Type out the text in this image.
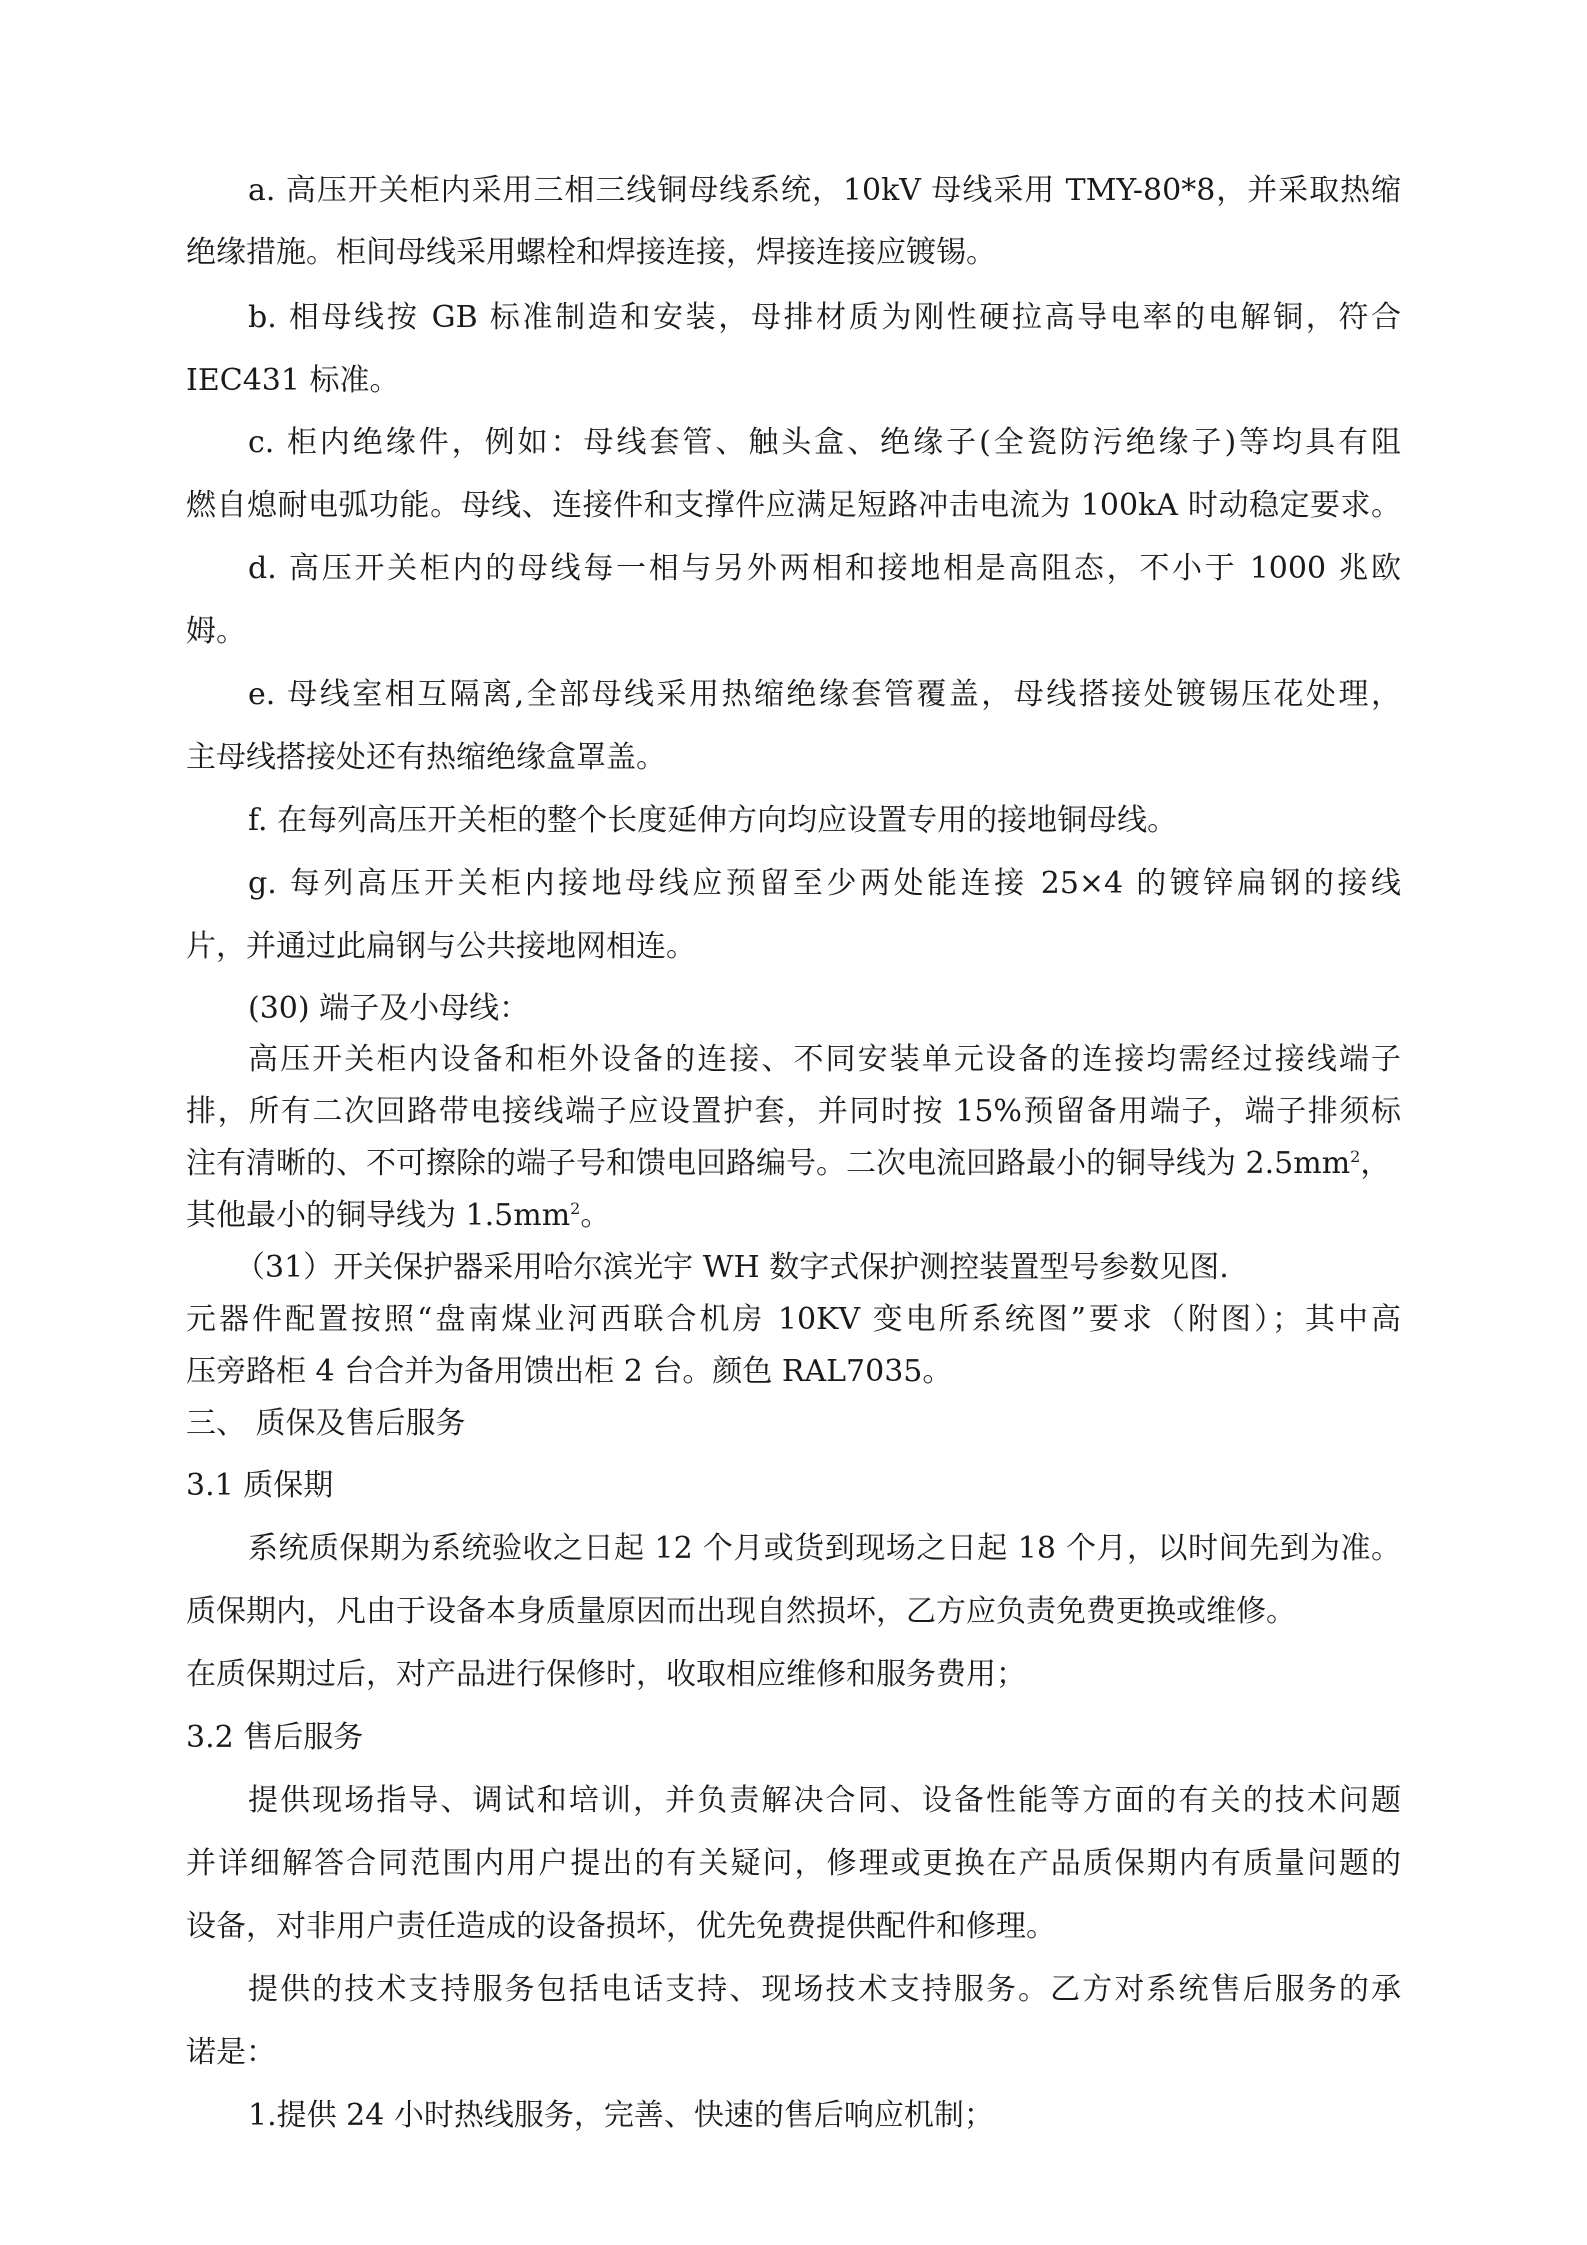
a. 高压开关柜内采用三相三线铜母线系统，10kV 母线采用 TMY-80*8，并采取热缩

绝缘措施。柜间母线采用螺栓和焊接连接，焊接连接应镀锡。

b. 相母线按 GB 标准制造和安装，母排材质为刚性硬拉高导电率的电解铜，符合

IEC431 标准。

c. 柜内绝缘件，例如：母线套管、触头盒、绝缘子(全瓷防污绝缘子)等均具有阻

燃自熄耐电弧功能。母线、连接件和支撑件应满足短路冲击电流为 100kA 时动稳定要求。

d. 高压开关柜内的母线每一相与另外两相和接地相是高阻态，不小于 1000 兆欧

姆。

e. 母线室相互隔离,全部母线采用热缩绝缘套管覆盖，母线搭接处镀锡压花处理，

主母线搭接处还有热缩绝缘盒罩盖。

f. 在每列高压开关柜的整个长度延伸方向均应设置专用的接地铜母线。

g. 每列高压开关柜内接地母线应预留至少两处能连接 25×4 的镀锌扁钢的接线

片，并通过此扁钢与公共接地网相连。

(30) 端子及小母线：

高压开关柜内设备和柜外设备的连接、不同安装单元设备的连接均需经过接线端子

排，所有二次回路带电接线端子应设置护套，并同时按 15%预留备用端子，端子排须标

注有清晰的、不可擦除的端子号和馈电回路编号。二次电流回路最小的铜导线为 $2.5mm^2$，

其他最小的铜导线为 $1.5mm^2$。

（31）开关保护器采用哈尔滨光宇 WH 数字式保护测控装置型号参数见图.

元器件配置按照“盘南煤业河西联合机房 10KV 变电所系统图”要求（附图）；其中高

压旁路柜 4 台合并为备用馈出柜 2 台。颜色 RAL7035。

三、 质保及售后服务

3.1 质保期

系统质保期为系统验收之日起 12 个月或货到现场之日起 18 个月，以时间先到为准。

质保期内，凡由于设备本身质量原因而出现自然损坏，乙方应负责免费更换或维修。

在质保期过后，对产品进行保修时，收取相应维修和服务费用；

3.2 售后服务

提供现场指导、调试和培训，并负责解决合同、设备性能等方面的有关的技术问题

并详细解答合同范围内用户提出的有关疑问，修理或更换在产品质保期内有质量问题的

设备，对非用户责任造成的设备损坏，优先免费提供配件和修理。

提供的技术支持服务包括电话支持、现场技术支持服务。乙方对系统售后服务的承

诺是：

1.提供 24 小时热线服务，完善、快速的售后响应机制；
